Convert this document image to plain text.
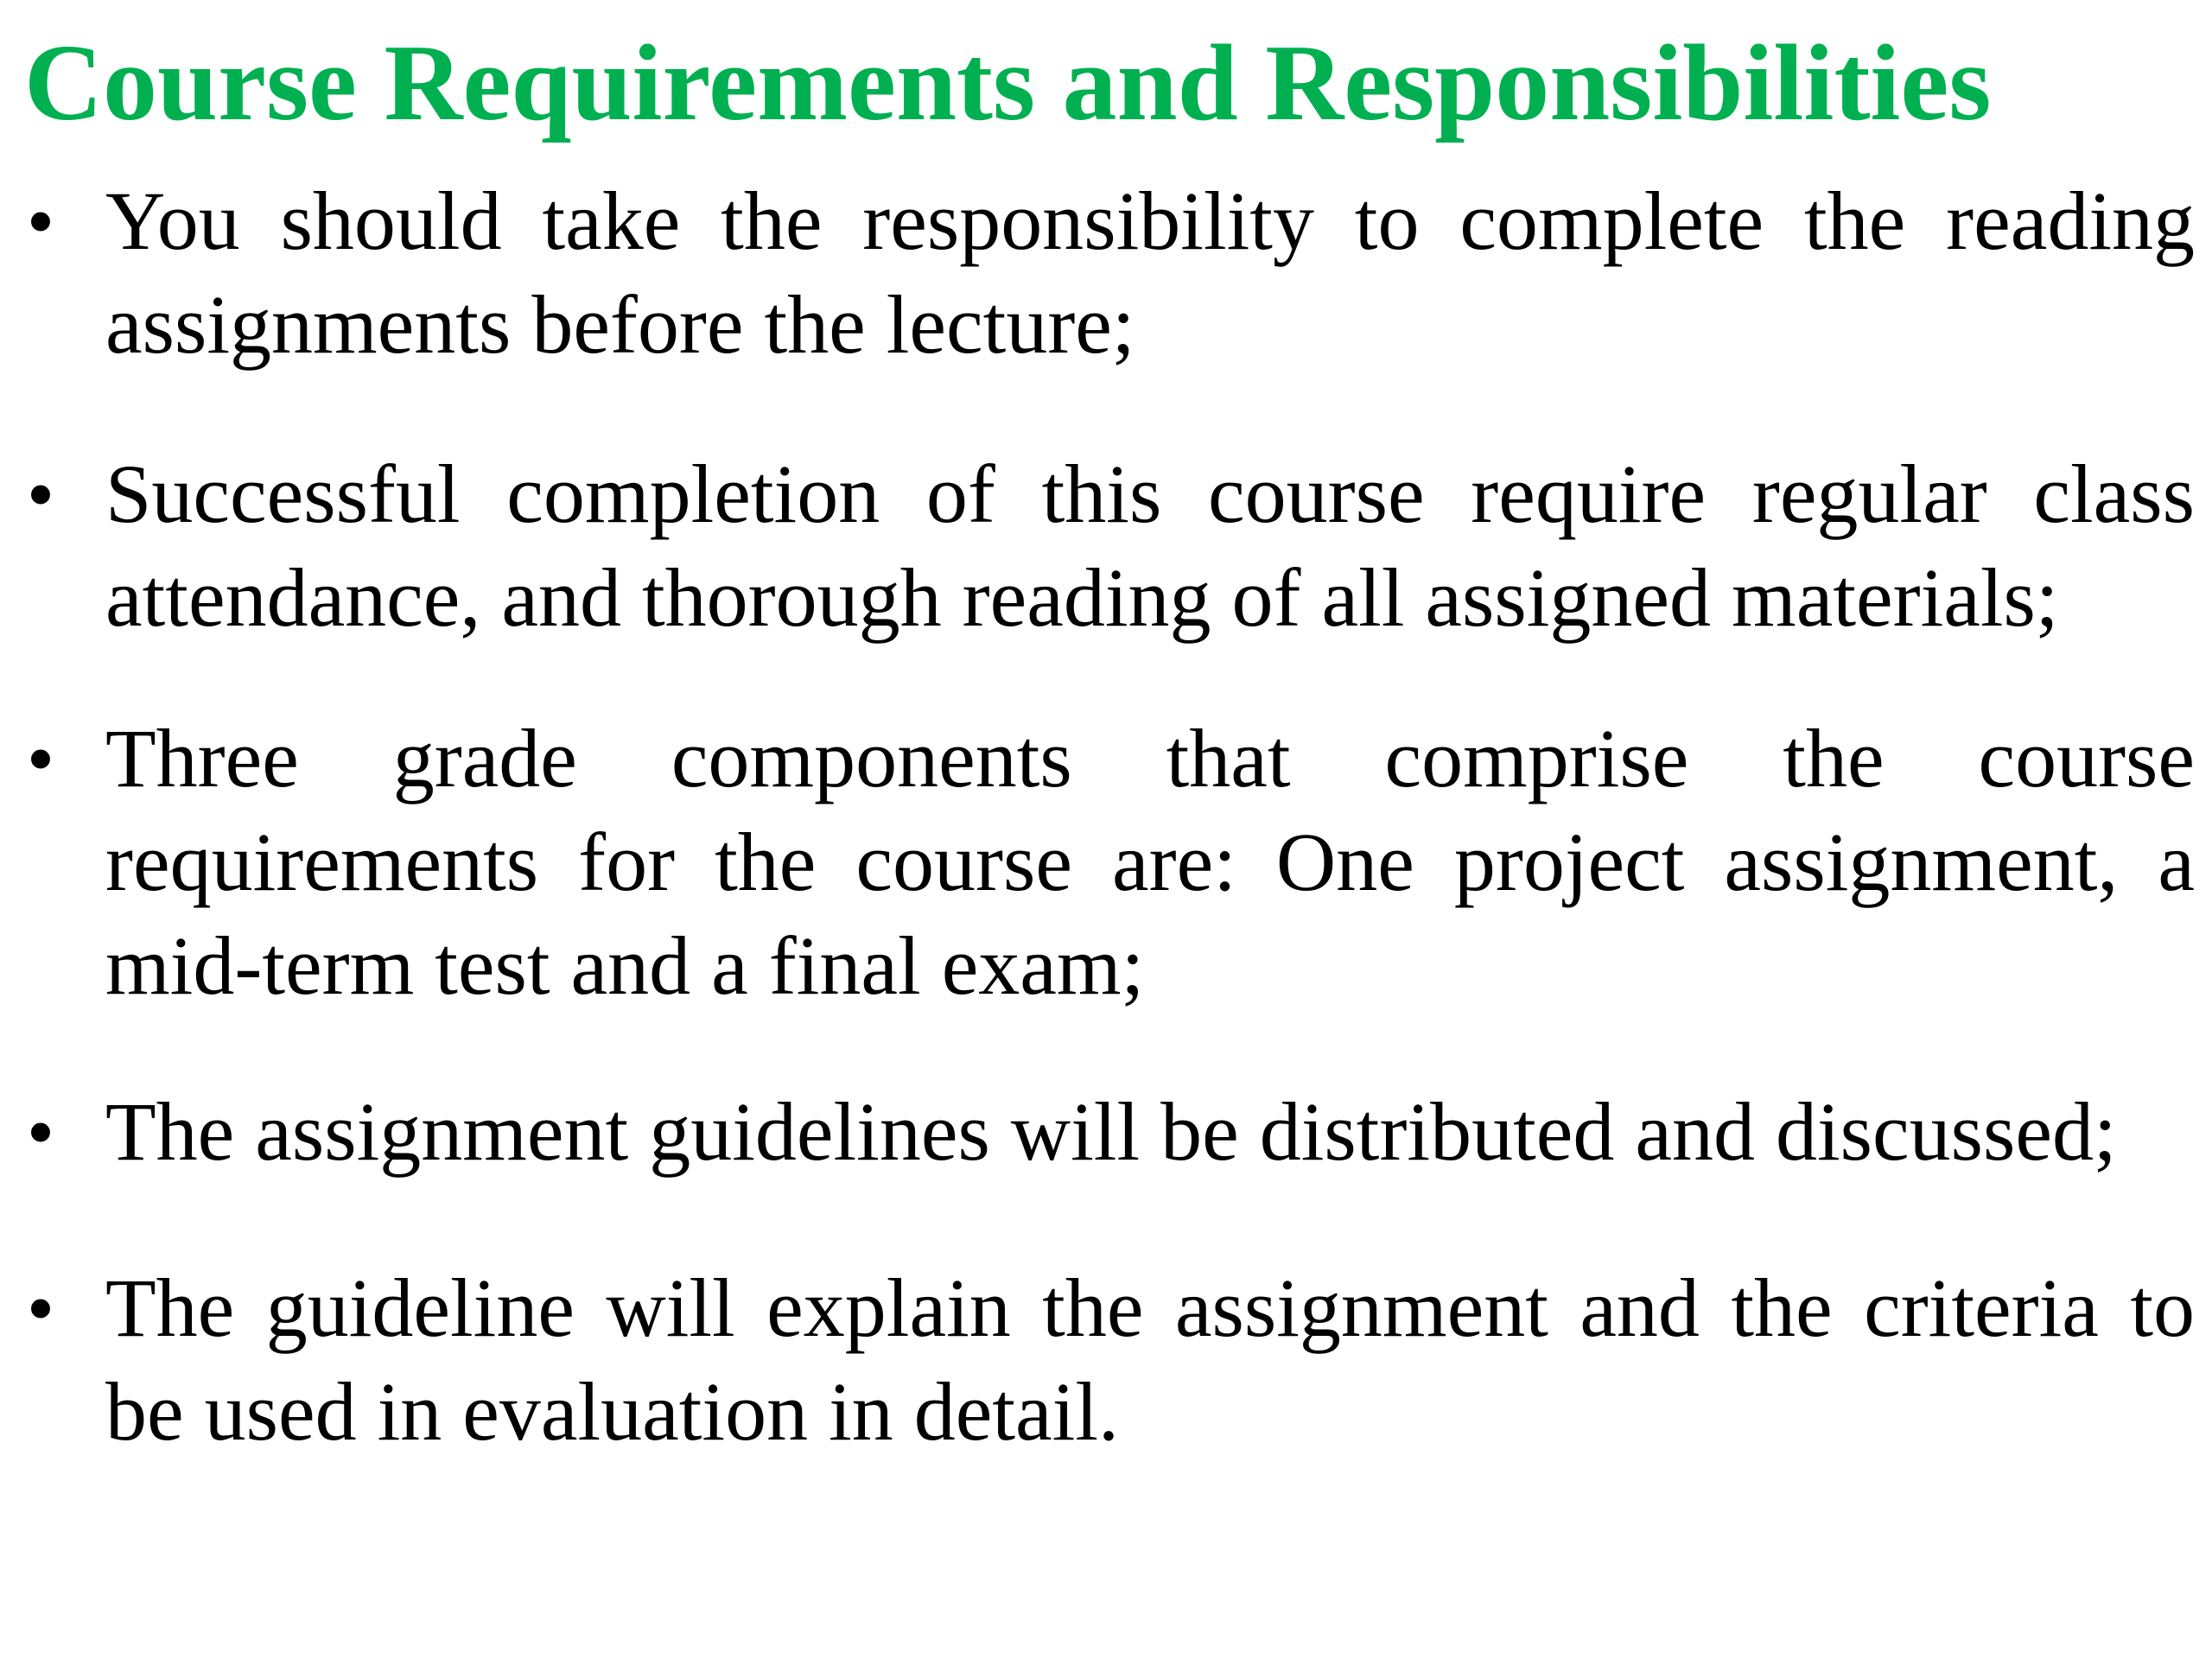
Course Requirements and Responsibilities
• You should take the responsibility to complete the reading assignments before the lecture;
• Successful completion of this course require regular class attendance, and thorough reading of all assigned materials;
• Three grade components that comprise the course requirements for the course are: One project assignment, a mid-term test and a final exam;
• The assignment guidelines will be distributed and discussed;
• The guideline will explain the assignment and the criteria to be used in evaluation in detail.
